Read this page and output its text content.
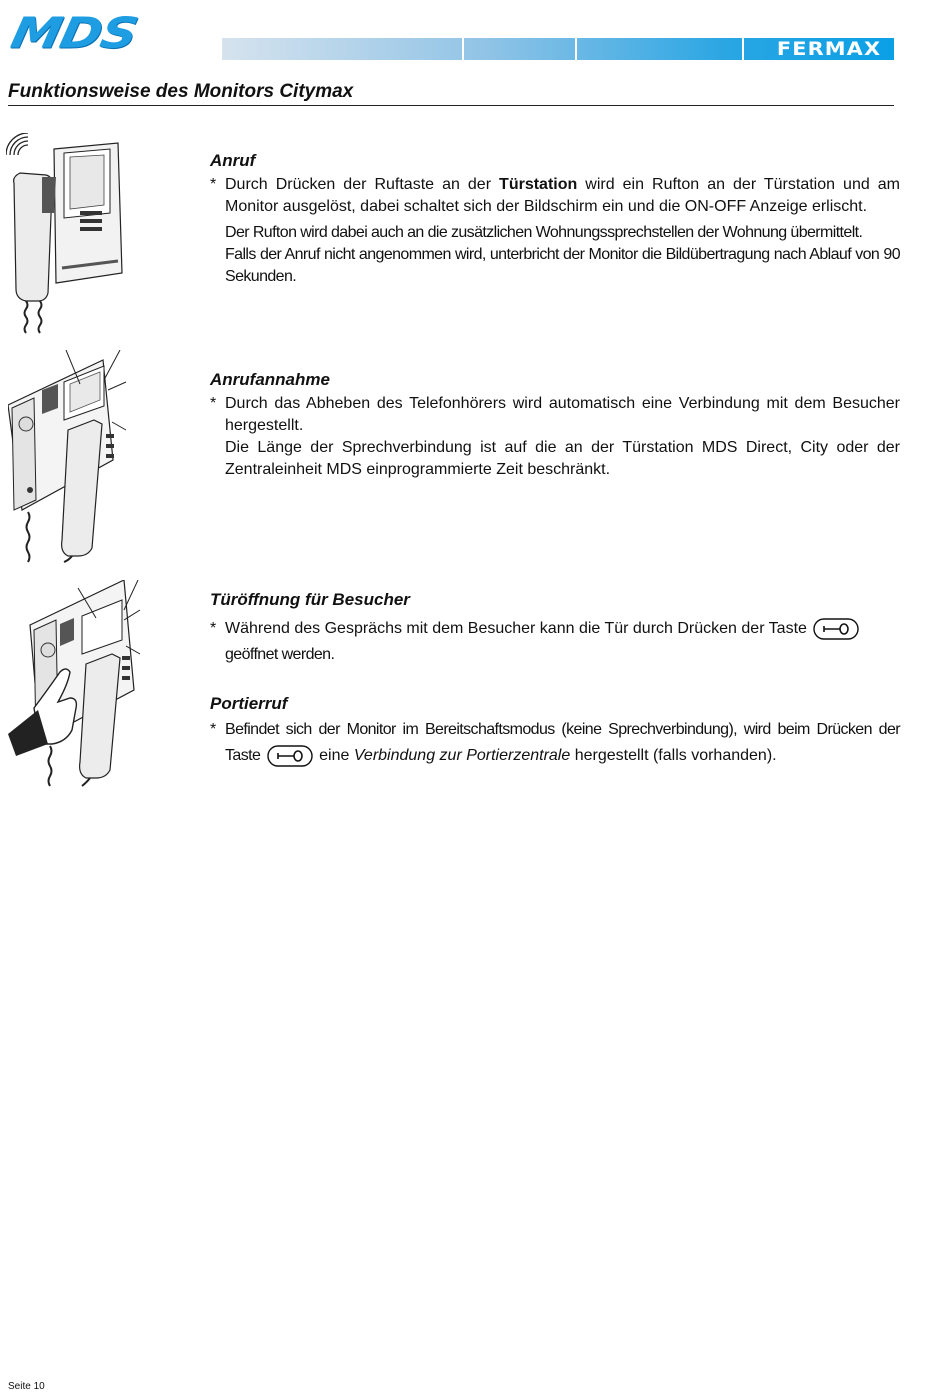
MDS	FERMAX
Funktionsweise des Monitors Citymax
Anruf
* Durch Drücken der Ruftaste an der Türstation wird ein Rufton an der Türstation und am Monitor ausgelöst, dabei schaltet sich der Bildschirm ein und die ON-OFF Anzeige erlischt.
Der Rufton wird dabei auch an die zusätzlichen Wohnungssprechstellen der Wohnung übermittelt.
Falls der Anruf nicht angenommen wird, unterbricht der Monitor die Bildübertragung nach Ablauf von 90 Sekunden.
Anrufannahme
* Durch das Abheben des Telefonhörers wird automatisch eine Verbindung mit dem Besucher hergestellt.
Die Länge der Sprechverbindung ist auf die an der Türstation MDS Direct, City oder der Zentraleinheit MDS einprogrammierte Zeit beschränkt.
Türöffnung für Besucher
* Während des Gesprächs mit dem Besucher kann die Tür durch Drücken der Taste
geöffnet werden.
Portierruf
* Befindet sich der Monitor im Bereitschaftsmodus (keine Sprechverbindung), wird beim Drücken der Taste	eine Verbindung zur Portierzentrale hergestellt (falls vorhanden).
Seite 10
